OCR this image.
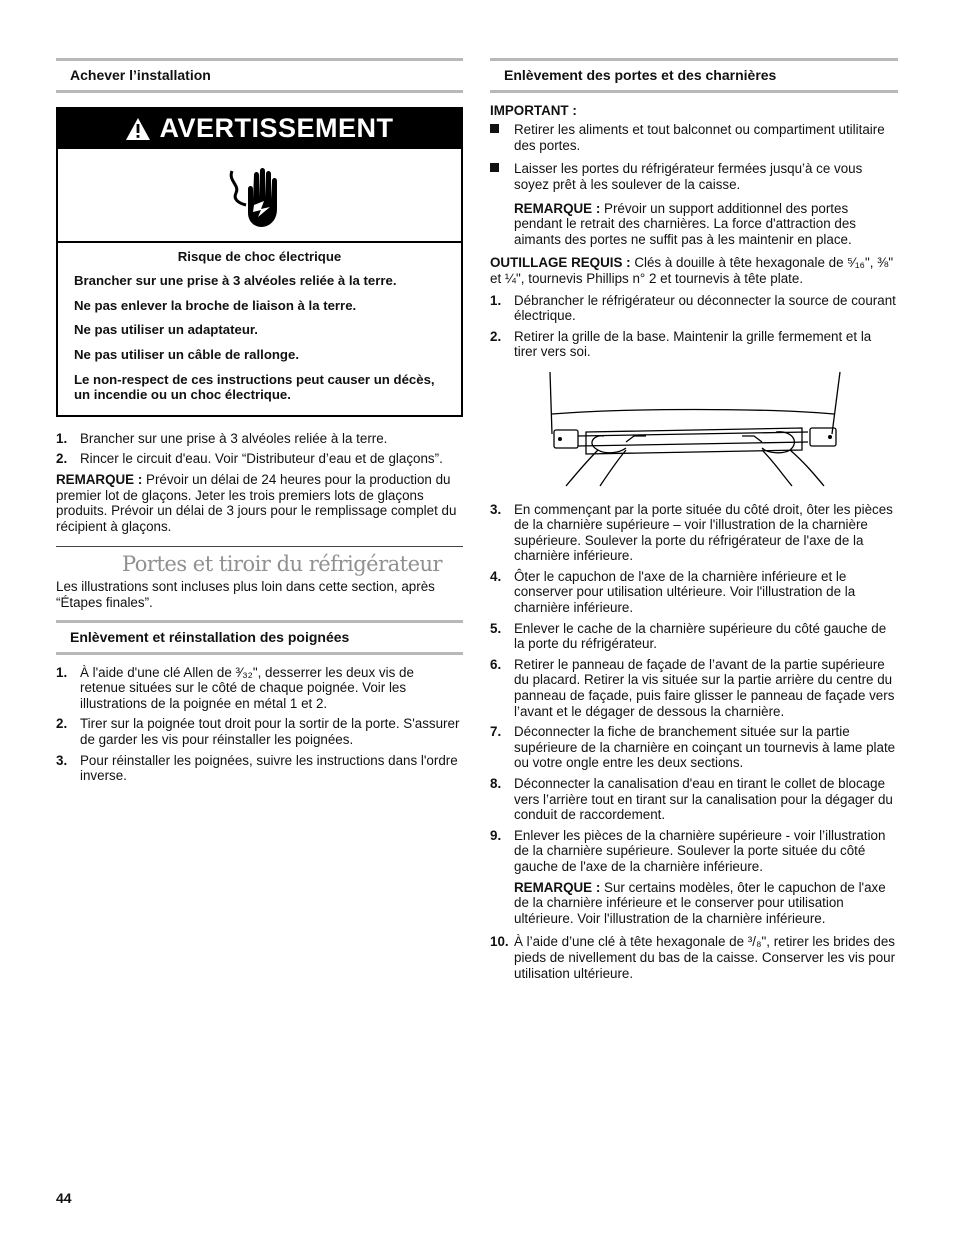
Achever l’installation
AVERTISSEMENT
Risque de choc électrique

Brancher sur une prise à 3 alvéoles reliée à la terre.

Ne pas enlever la broche de liaison à la terre.

Ne pas utiliser un adaptateur.

Ne pas utiliser un câble de rallonge.

Le non-respect de ces instructions peut causer un décès, un incendie ou un choc électrique.

1. Brancher sur une prise à 3 alvéoles reliée à la terre.
2. Rincer le circuit d'eau. Voir “Distributeur d’eau et de glaçons”.

REMARQUE : Prévoir un délai de 24 heures pour la production du premier lot de glaçons. Jeter les trois premiers lots de glaçons produits. Prévoir un délai de 3 jours pour le remplissage complet du récipient à glaçons.

Portes et tiroir du réfrigérateur

Les illustrations sont incluses plus loin dans cette section, après “Étapes finales”.

Enlèvement et réinstallation des poignées
1. À l'aide d'une clé Allen de ³⁄₃₂", desserrer les deux vis de retenue situées sur le côté de chaque poignée. Voir les illustrations de la poignée en métal 1 et 2.
2. Tirer sur la poignée tout droit pour la sortir de la porte. S'assurer de garder les vis pour réinstaller les poignées.
3. Pour réinstaller les poignées, suivre les instructions dans l'ordre inverse.
Enlèvement des portes et des charnières
IMPORTANT :
Retirer les aliments et tout balconnet ou compartiment utilitaire des portes.
Laisser les portes du réfrigérateur fermées jusqu’à ce vous soyez prêt à les soulever de la caisse.

REMARQUE : Prévoir un support additionnel des portes pendant le retrait des charnières. La force d'attraction des aimants des portes ne suffit pas à les maintenir en place.

OUTILLAGE REQUIS : Clés à douille à tête hexagonale de ⁵⁄₁₆", ⅜" et ¼", tournevis Phillips n° 2 et tournevis à tête plate.

1. Débrancher le réfrigérateur ou déconnecter la source de courant électrique.
2. Retirer la grille de la base. Maintenir la grille fermement et la tirer vers soi.
3. En commençant par la porte située du côté droit, ôter les pièces de la charnière supérieure – voir l'illustration de la charnière supérieure. Soulever la porte du réfrigérateur de l'axe de la charnière inférieure.
4. Ôter le capuchon de l'axe de la charnière inférieure et le conserver pour utilisation ultérieure. Voir l'illustration de la charnière inférieure.
5. Enlever le cache de la charnière supérieure du côté gauche de la porte du réfrigérateur.
6. Retirer le panneau de façade de l’avant de la partie supérieure du placard. Retirer la vis située sur la partie arrière du centre du panneau de façade, puis faire glisser le panneau de façade vers l’avant et le dégager de dessous la charnière.
7. Déconnecter la fiche de branchement située sur la partie supérieure de la charnière en coinçant un tournevis à lame plate ou votre ongle entre les deux sections.
8. Déconnecter la canalisation d'eau en tirant le collet de blocage vers l’arrière tout en tirant sur la canalisation pour la dégager du conduit de raccordement.
9. Enlever les pièces de la charnière supérieure - voir l’illustration de la charnière supérieure. Soulever la porte située du côté gauche de l'axe de la charnière inférieure.

REMARQUE : Sur certains modèles, ôter le capuchon de l'axe de la charnière inférieure et le conserver pour utilisation ultérieure. Voir l'illustration de la charnière inférieure.

10. À l’aide d’une clé à tête hexagonale de ³/₈", retirer les brides des pieds de nivellement du bas de la caisse. Conserver les vis pour utilisation ultérieure.
44
